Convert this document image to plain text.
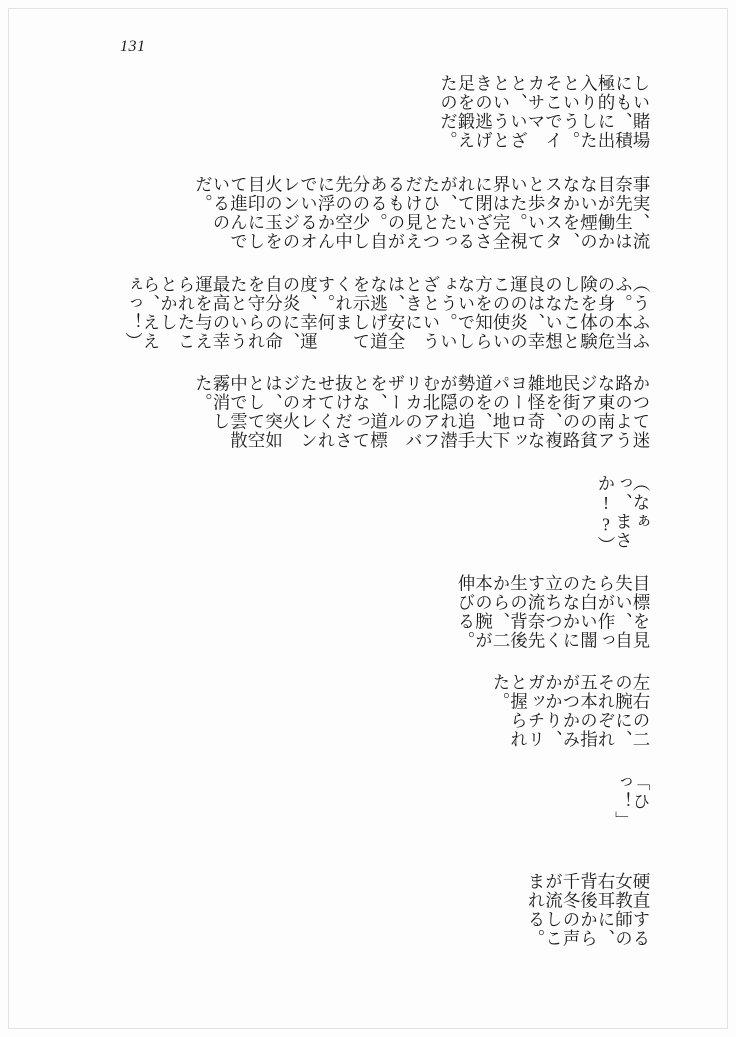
131

しい賭場にも、積極的に出入りしたという。そこでイカサマと、いざというときの逃げ足を鍛えたのだ。

事実、流奈先生は目が働かない煙のなかを、スタスタと歩いていた。視界は完全に閉ざされているが、たったひとつだけ見えるものがある。自分の少し先の空中に浮かんでいるオレンジの火の玉を目印にして進んでいるのだ。

（うふふふ。本当の身の危険を体験したことのない想良は、幸運の炎のこの使い方を知らないでしょう。いざというときには、安全な逃げ道を示してくれます。何度、幸運の炎に、自分の命を守られたという最高の幸運を与えられたことかしら、ええぇっ！）

かつて迷路のような東南アジアの貧民街の路地を、複雑怪奇なヨーロッパの地下道を、大勢の追手が隠れ潜む北アフリカのバザールを、道標となって抜けださせてくれたオレンジの火は、突如として空中で雲散霧消した。

（なぁっ、まさか!?）

目標を見失い、自らが作った白い闇のなかに立ちつくす流奈先生の背後から、二本の腕が伸びる。

左右の二の腕に、それぞれ五本の指がつかみかかり、ガッチリと握られた。

「ひっ！」

硬直する女教師の右耳に、背後から千冬の声が流しこまれる。
